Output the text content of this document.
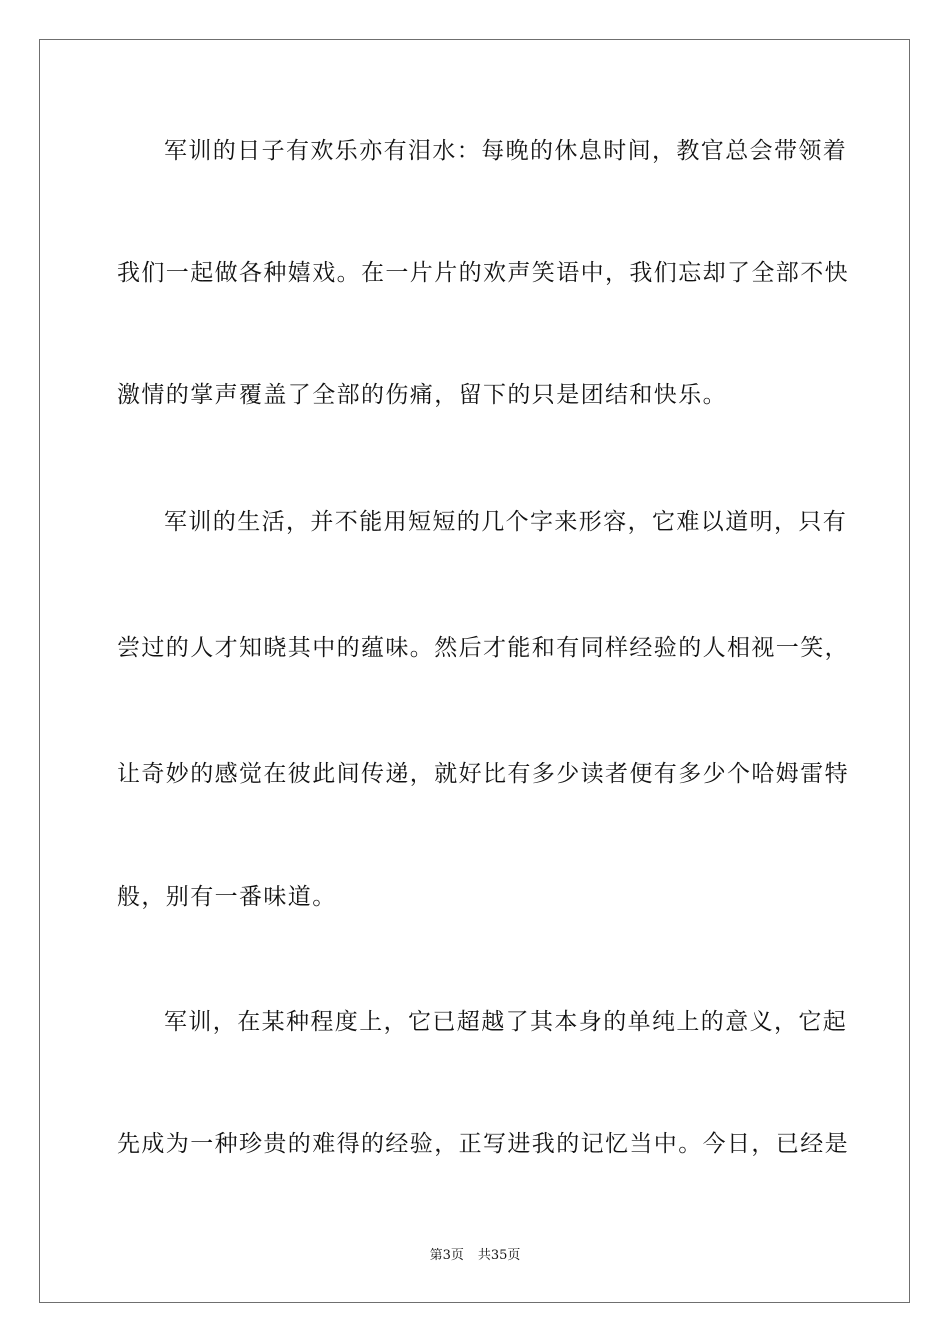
军训的日子有欢乐亦有泪水：每晚的休息时间，教官总会带领着
我们一起做各种嬉戏。在一片片的欢声笑语中，我们忘却了全部不快
激情的掌声覆盖了全部的伤痛，留下的只是团结和快乐。
军训的生活，并不能用短短的几个字来形容，它难以道明，只有
尝过的人才知晓其中的蕴味。然后才能和有同样经验的人相视一笑，
让奇妙的感觉在彼此间传递，就好比有多少读者便有多少个哈姆雷特
般，别有一番味道。
军训，在某种程度上，它已超越了其本身的单纯上的意义，它起
先成为一种珍贵的难得的经验，正写进我的记忆当中。今日，已经是
第3页 共35页
